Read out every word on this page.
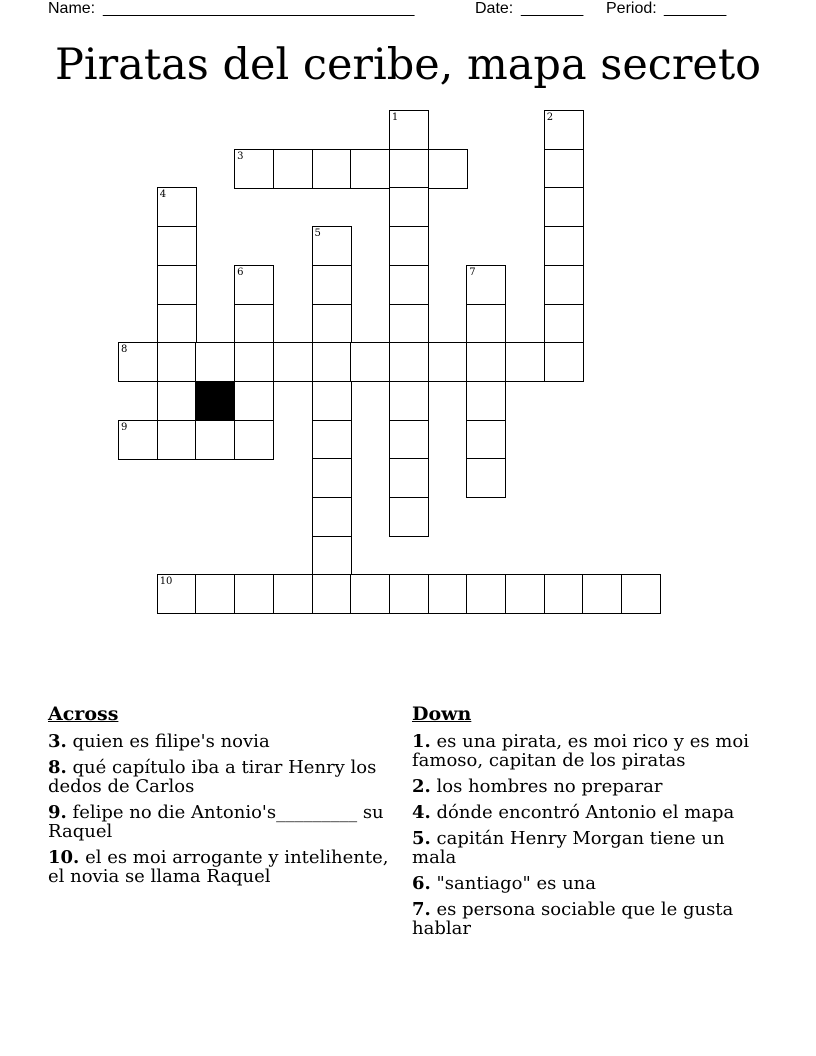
Name: ___________________________________	Date: _______ Period: _______
Piratas del ceribe, mapa secreto
1	2
3
4
5
6	7
8
9
10
Across
3. quien es filipe's novia
8. qué capítulo iba a tirar Henry los dedos de Carlos
9. felipe no die Antonio's_________ su Raquel
10. el es moi arrogante y intelihente, el novia se llama Raquel
Down
1. es una pirata, es moi rico y es moi famoso, capitan de los piratas
2. los hombres no preparar
4. dónde encontró Antonio el mapa
5. capitán Henry Morgan tiene un mala
6. "santiago" es una
7. es persona sociable que le gusta hablar
